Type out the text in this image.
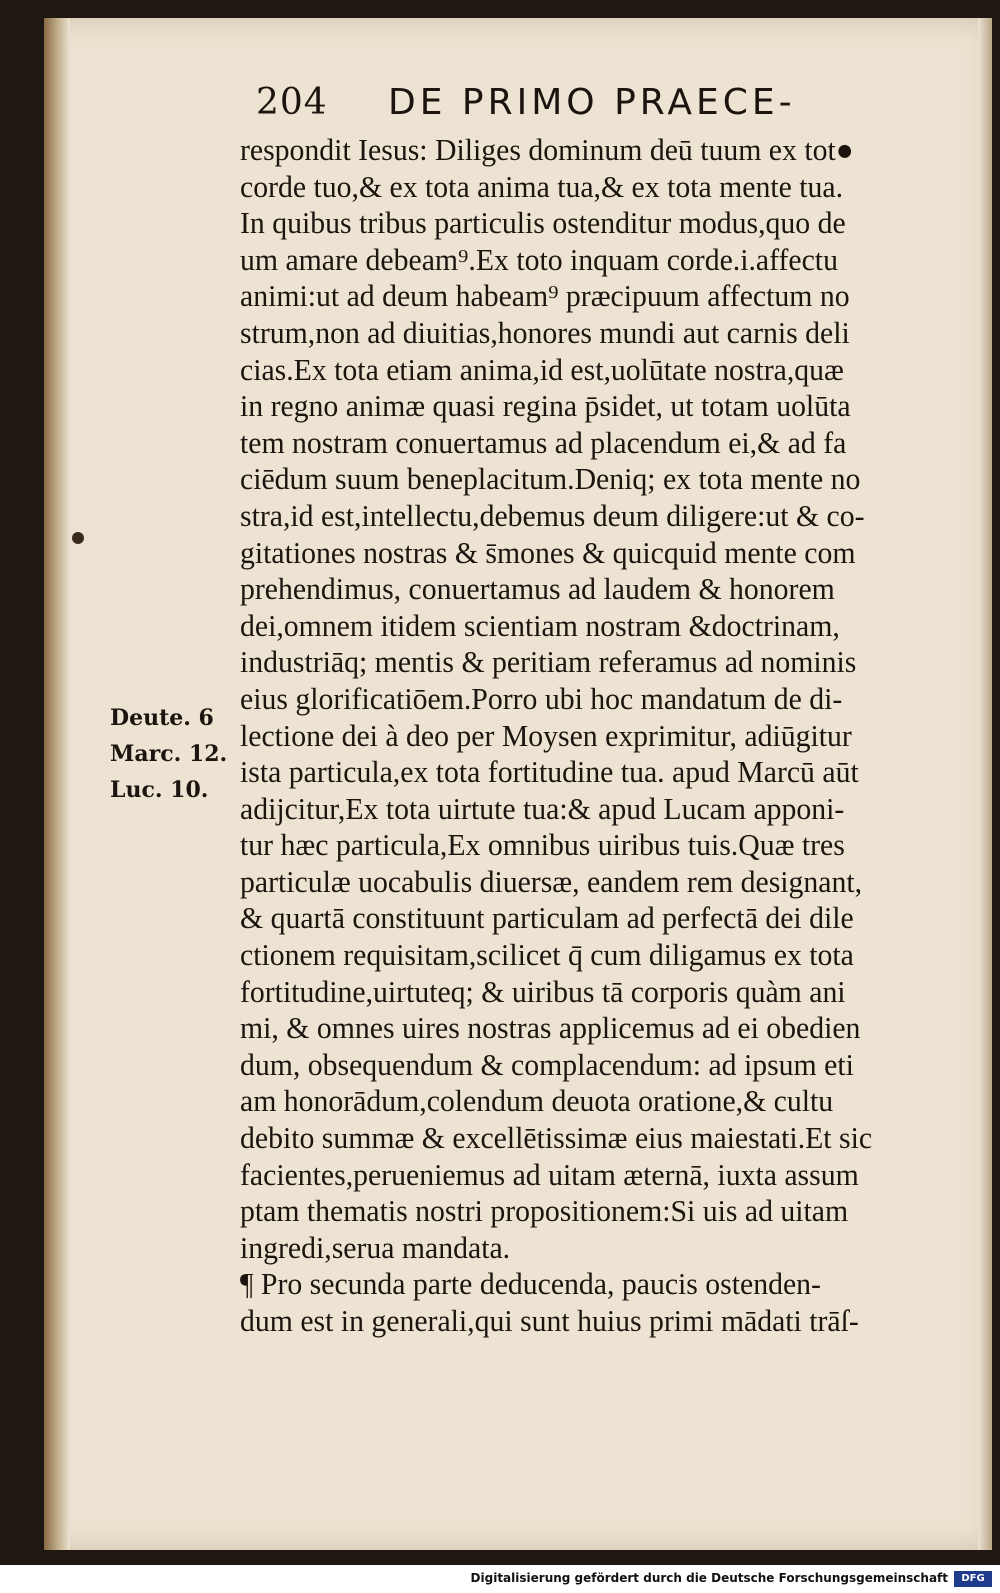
204 DE PRIMO PRAECE-
respondit Iesus: Diliges dominum deū tuum ex tot●
corde tuo,& ex tota anima tua,& ex tota mente tua.
In quibus tribus particulis ostenditur modus,quo de
um amare debeam⁹.Ex toto inquam corde.i.affectu
animi:ut ad deum habeam⁹ præcipuum affectum no
strum,non ad diuitias,honores mundi aut carnis deli
cias.Ex tota etiam anima,id est,uolūtate nostra,quæ
in regno animæ quasi regina p̄sidet, ut totam uolūta
tem nostram conuertamus ad placendum ei,& ad fa
ciēdum suum beneplacitum.Deniq; ex tota mente no
stra,id est,intellectu,debemus deum diligere:ut & co-
gitationes nostras & s̄mones & quicquid mente com
prehendimus, conuertamus ad laudem & honorem
dei,omnem itidem scientiam nostram &doctrinam,
industriāq; mentis & peritiam referamus ad nominis
eius glorificatiōem.Porro ubi hoc mandatum de di-
lectione dei à deo per Moysen exprimitur, adiūgitur
ista particula,ex tota fortitudine tua. apud Marcū aūt
adijcitur,Ex tota uirtute tua:& apud Lucam apponi-
tur hæc particula,Ex omnibus uiribus tuis.Quæ tres
particulæ uocabulis diuersæ, eandem rem designant,
& quartā constituunt particulam ad perfectā dei dile
ctionem requisitam,scilicet q̄ cum diligamus ex tota
fortitudine,uirtuteq; & uiribus tā corporis quàm ani
mi, & omnes uires nostras applicemus ad ei obedien
dum, obsequendum & complacendum: ad ipsum eti
am honorādum,colendum deuota oratione,& cultu
debito summæ & excellētissimæ eius maiestati.Et sic
facientes,perueniemus ad uitam æternā, iuxta assum
ptam thematis nostri propositionem:Si uis ad uitam
ingredi,serua mandata.
¶ Pro secunda parte deducenda, paucis ostenden-
dum est in generali,qui sunt huius primi mādati trāſ-
Deute. 6
Marc. 12.
Luc. 10.
Digitalisierung gefördert durch die Deutsche Forschungsgemeinschaft	DFG
